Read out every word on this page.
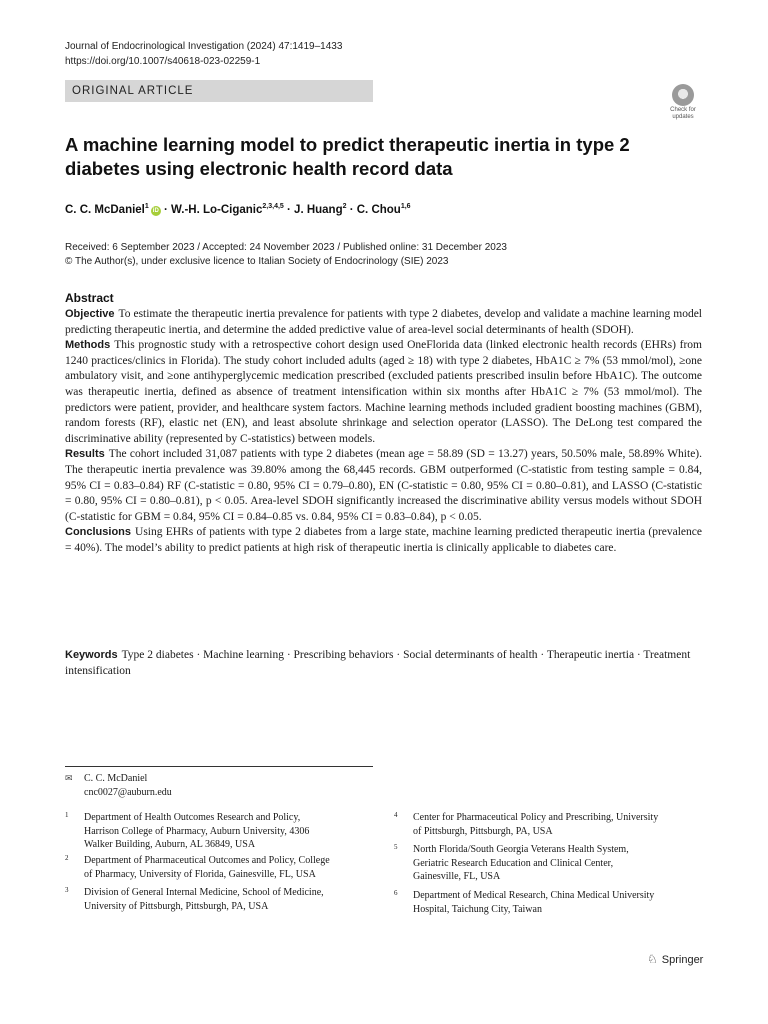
Journal of Endocrinological Investigation (2024) 47:1419–1433
https://doi.org/10.1007/s40618-023-02259-1
ORIGINAL ARTICLE
Check for updates
A machine learning model to predict therapeutic inertia in type 2 diabetes using electronic health record data
C. C. McDaniel$^1$iD · W.-H. Lo-Ciganic$^{2,3,4,5}$ · J. Huang$^2$ · C. Chou$^{1,6}$
Received: 6 September 2023 / Accepted: 24 November 2023 / Published online: 31 December 2023
© The Author(s), under exclusive licence to Italian Society of Endocrinology (SIE) 2023
Abstract

Objective To estimate the therapeutic inertia prevalence for patients with type 2 diabetes, develop and validate a machine learning model predicting therapeutic inertia, and determine the added predictive value of area-level social determinants of health (SDOH).

Methods This prognostic study with a retrospective cohort design used OneFlorida data (linked electronic health records (EHRs) from 1240 practices/clinics in Florida). The study cohort included adults (aged ≥ 18) with type 2 diabetes, HbA1C ≥ 7% (53 mmol/mol), ≥one ambulatory visit, and ≥one antihyperglycemic medication prescribed (excluded patients prescribed insulin before HbA1C). The outcome was therapeutic inertia, defined as absence of treatment intensification within six months after HbA1C ≥ 7% (53 mmol/mol). The predictors were patient, provider, and healthcare system factors. Machine learning methods included gradient boosting machines (GBM), random forests (RF), elastic net (EN), and least absolute shrinkage and selection operator (LASSO). The DeLong test compared the discriminative ability (represented by C-statistics) between models.

Results The cohort included 31,087 patients with type 2 diabetes (mean age = 58.89 (SD = 13.27) years, 50.50% male, 58.89% White). The therapeutic inertia prevalence was 39.80% among the 68,445 records. GBM outperformed (C-statistic from testing sample = 0.84, 95% CI = 0.83–0.84) RF (C-statistic = 0.80, 95% CI = 0.79–0.80), EN (C-statistic = 0.80, 95% CI = 0.80–0.81), and LASSO (C-statistic = 0.80, 95% CI = 0.80–0.81), p < 0.05. Area-level SDOH significantly increased the discriminative ability versus models without SDOH (C-statistic for GBM = 0.84, 95% CI = 0.84–0.85 vs. 0.84, 95% CI = 0.83–0.84), p < 0.05.

Conclusions Using EHRs of patients with type 2 diabetes from a large state, machine learning predicted therapeutic inertia (prevalence = 40%). The model’s ability to predict patients at high risk of therapeutic inertia is clinically applicable to diabetes care.

Keywords Type 2 diabetes · Machine learning · Prescribing behaviors · Social determinants of health · Therapeutic inertia · Treatment intensification
✉ C. C. McDaniel
cnc0027@auburn.edu
1 Department of Health Outcomes Research and Policy,
Harrison College of Pharmacy, Auburn University, 4306
Walker Building, Auburn, AL 36849, USA
2 Department of Pharmaceutical Outcomes and Policy, College
of Pharmacy, University of Florida, Gainesville, FL, USA
3 Division of General Internal Medicine, School of Medicine,
University of Pittsburgh, Pittsburgh, PA, USA
4 Center for Pharmaceutical Policy and Prescribing, University
of Pittsburgh, Pittsburgh, PA, USA
5 North Florida/South Georgia Veterans Health System,
Geriatric Research Education and Clinical Center,
Gainesville, FL, USA
6 Department of Medical Research, China Medical University
Hospital, Taichung City, Taiwan
♘ Springer
